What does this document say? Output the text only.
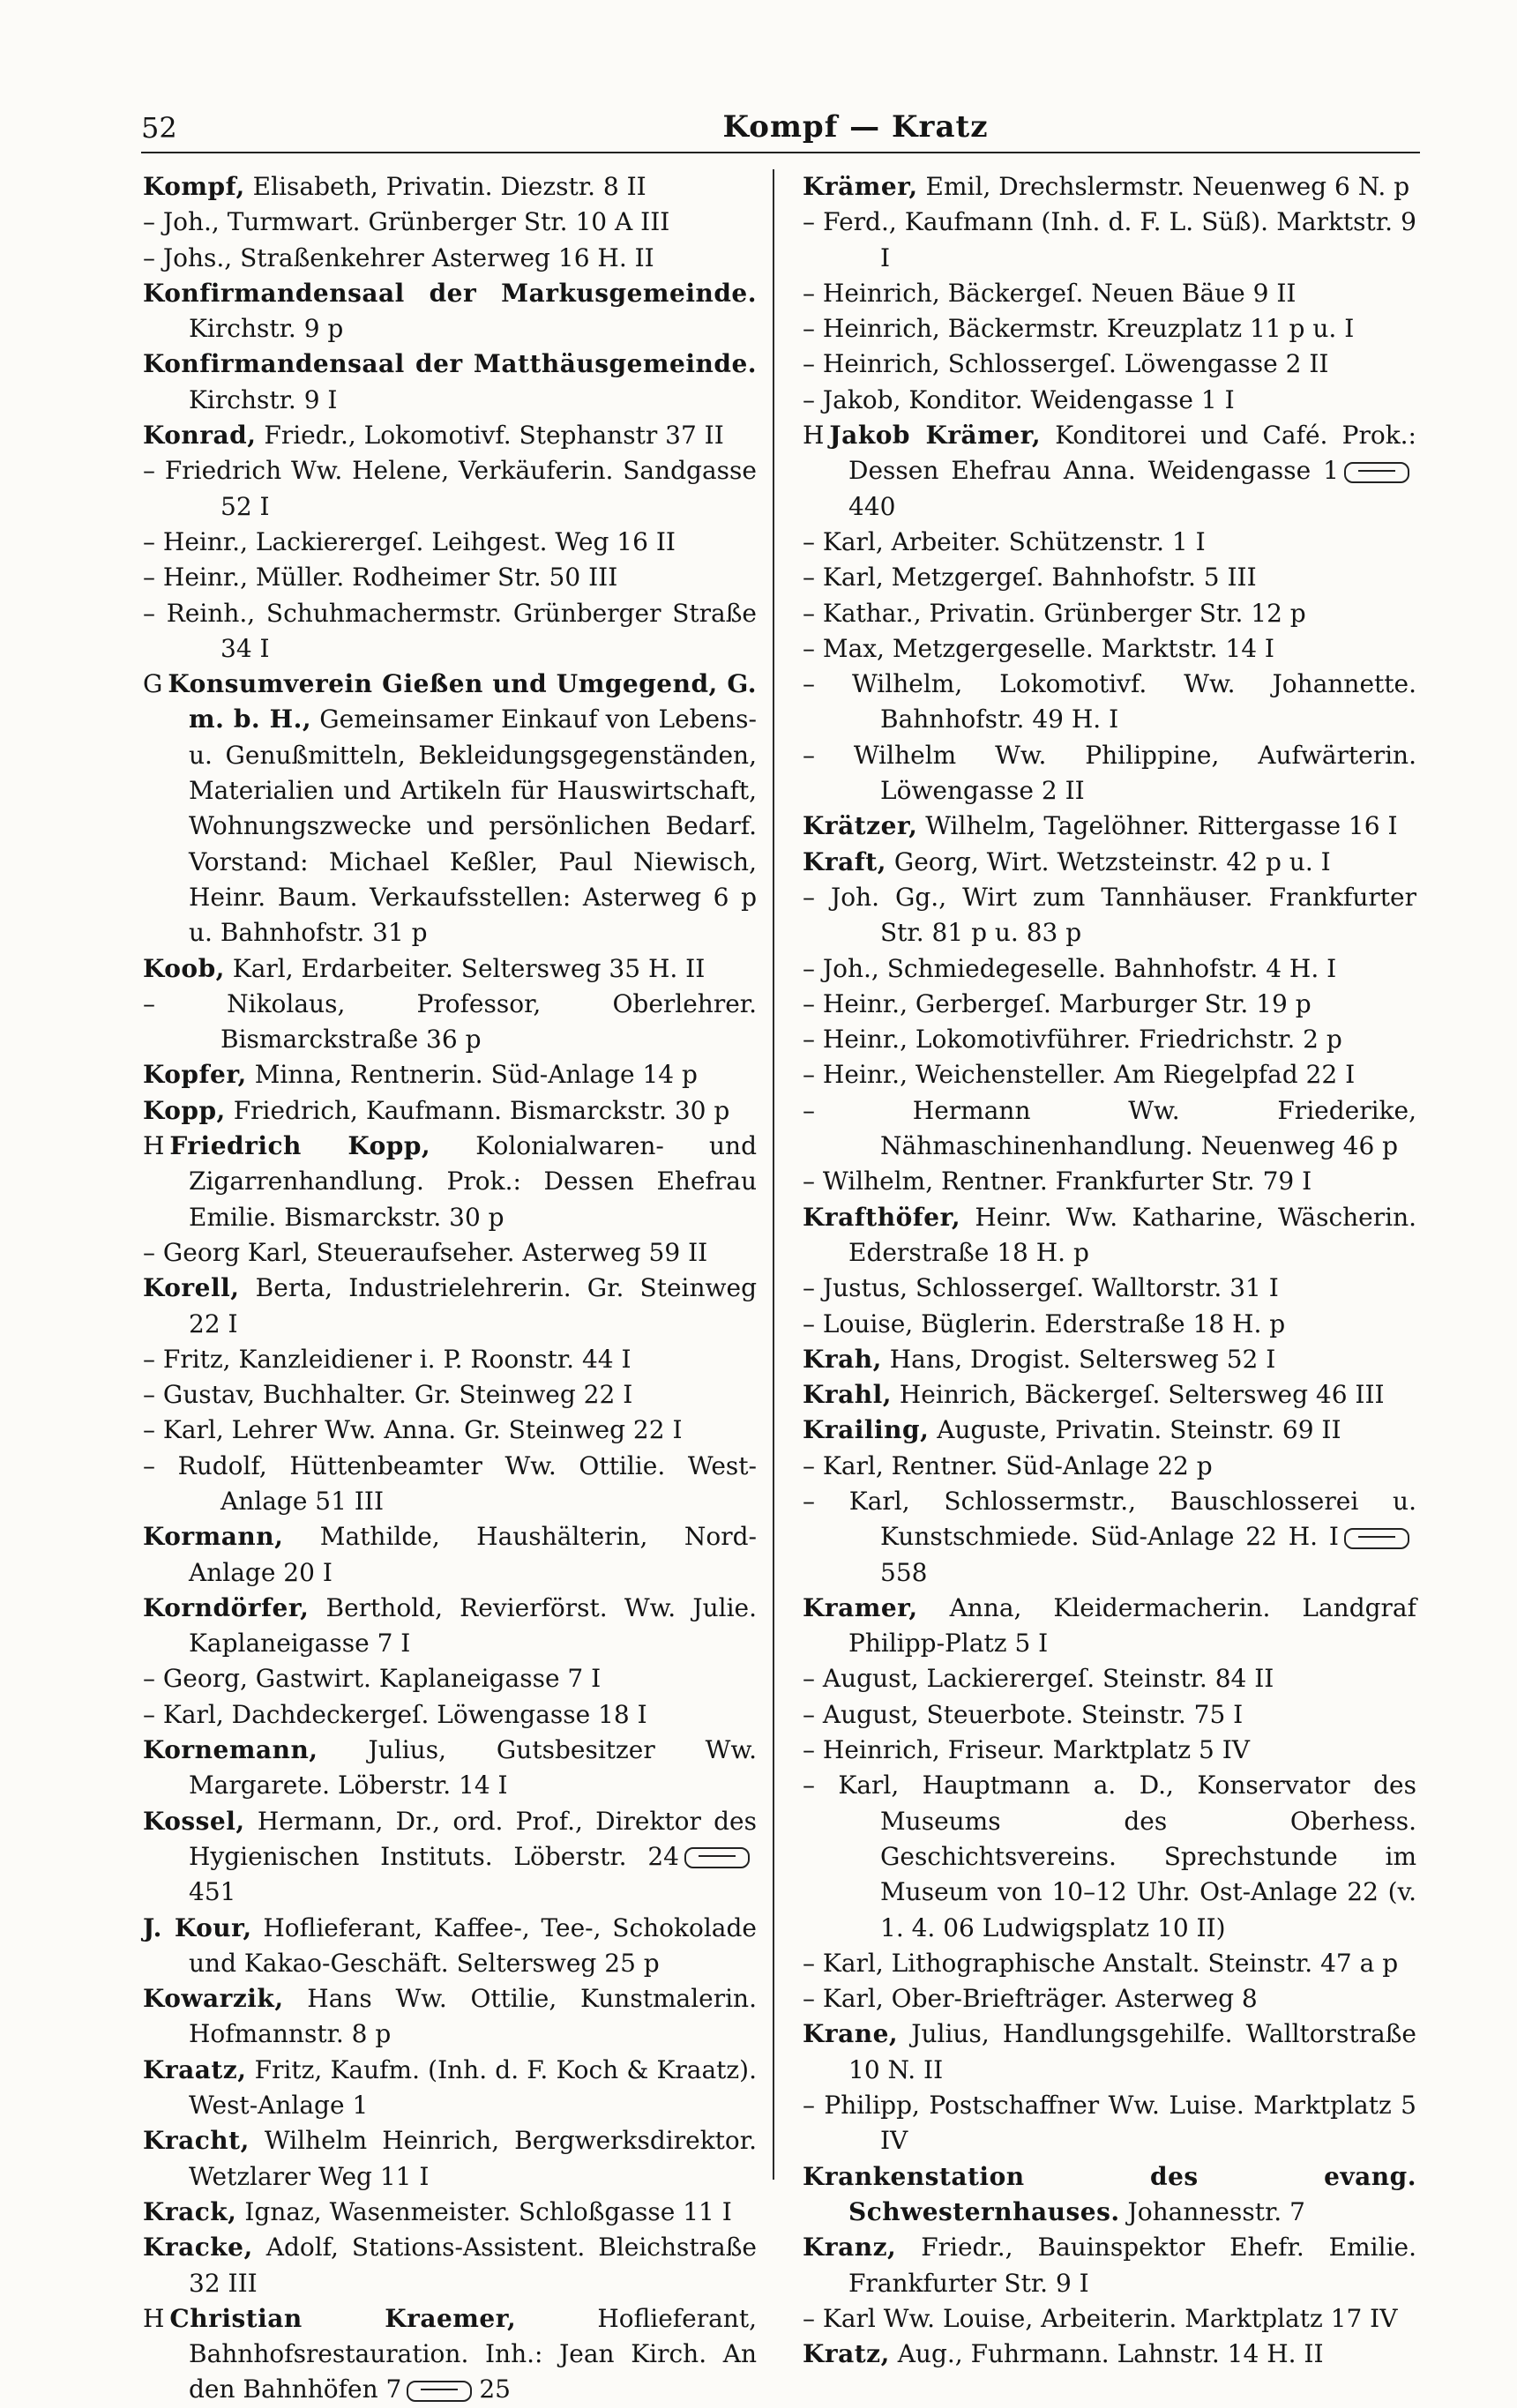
52	Kompf — Kratz

Kompf, Elisabeth, Privatin. Diezstr. 8 II

– Joh., Turmwart. Grünberger Str. 10 A III

– Johs., Straßenkehrer Asterweg 16 H. II

Konfirmandensaal der Markusgemeinde. Kirchstr. 9 p

Konfirmandensaal der Matthäusgemeinde. Kirchstr. 9 I

Konrad, Friedr., Lokomotivf. Stephanstr 37 II

– Friedrich Ww. Helene, Verkäuferin. Sandgasse 52 I

– Heinr., Lackierergeſ. Leihgest. Weg 16 II

– Heinr., Müller. Rodheimer Str. 50 III

– Reinh., Schuhmachermstr. Grünberger Straße 34 I

G Konsumverein Gießen und Umgegend, G. m. b. H., Gemeinsamer Einkauf von Lebens- u. Genußmitteln, Bekleidungsgegenständen, Materialien und Artikeln für Hauswirtschaft, Wohnungszwecke und persönlichen Bedarf. Vorstand: Michael Keßler, Paul Niewisch, Heinr. Baum. Verkaufsstellen: Asterweg 6 p u. Bahnhofstr. 31 p

Koob, Karl, Erdarbeiter. Seltersweg 35 H. II

– Nikolaus, Professor, Oberlehrer. Bismarckstraße 36 p

Kopfer, Minna, Rentnerin. Süd-Anlage 14 p

Kopp, Friedrich, Kaufmann. Bismarckstr. 30 p

H Friedrich Kopp, Kolonialwaren- und Zigarrenhandlung. Prok.: Dessen Ehefrau Emilie. Bismarckstr. 30 p

– Georg Karl, Steueraufseher. Asterweg 59 II

Korell, Berta, Industrielehrerin. Gr. Steinweg 22 I

– Fritz, Kanzleidiener i. P. Roonstr. 44 I

– Gustav, Buchhalter. Gr. Steinweg 22 I

– Karl, Lehrer Ww. Anna. Gr. Steinweg 22 I

– Rudolf, Hüttenbeamter Ww. Ottilie. West-Anlage 51 III

Kormann, Mathilde, Haushälterin, Nord-Anlage 20 I

Korndörfer, Berthold, Revierförst. Ww. Julie. Kaplaneigasse 7 I

– Georg, Gastwirt. Kaplaneigasse 7 I

– Karl, Dachdeckergeſ. Löwengasse 18 I

Kornemann, Julius, Gutsbesitzer Ww. Margarete. Löberstr. 14 I

Kossel, Hermann, Dr., ord. Prof., Direktor des Hygienischen Instituts. Löberstr. 24451

J. Kour, Hoflieferant, Kaffee-, Tee-, Schokolade und Kakao-Geschäft. Seltersweg 25 p

Kowarzik, Hans Ww. Ottilie, Kunstmalerin. Hofmannstr. 8 p

Kraatz, Fritz, Kaufm. (Inh. d. F. Koch & Kraatz). West-Anlage 1

Kracht, Wilhelm Heinrich, Bergwerksdirektor. Wetzlarer Weg 11 I

Krack, Ignaz, Wasenmeister. Schloßgasse 11 I

Kracke, Adolf, Stations-Assistent. Bleichstraße 32 III

H Christian Kraemer, Hoflieferant, Bahnhofsrestauration. Inh.: Jean Kirch. An den Bahnhöfen 7	25

Krämer, Emil, Drechslermstr. Neuenweg 6 N. p

– Ferd., Kaufmann (Inh. d. F. L. Süß). Marktstr. 9 I

– Heinrich, Bäckergeſ. Neuen Bäue 9 II

– Heinrich, Bäckermstr. Kreuzplatz 11 p u. I

– Heinrich, Schlossergeſ. Löwengasse 2 II

– Jakob, Konditor. Weidengasse 1 I

H Jakob Krämer, Konditorei und Café. Prok.: Dessen Ehefrau Anna. Weidengasse 1440

– Karl, Arbeiter. Schützenstr. 1 I

– Karl, Metzgergeſ. Bahnhofstr. 5 III

– Kathar., Privatin. Grünberger Str. 12 p

– Max, Metzgergeselle. Marktstr. 14 I

– Wilhelm, Lokomotivf. Ww. Johannette. Bahnhofstr. 49 H. I

– Wilhelm Ww. Philippine, Aufwärterin. Löwengasse 2 II

Krätzer, Wilhelm, Tagelöhner. Rittergasse 16 I

Kraft, Georg, Wirt. Wetzsteinstr. 42 p u. I

– Joh. Gg., Wirt zum Tannhäuser. Frankfurter Str. 81 p u. 83 p

– Joh., Schmiedegeselle. Bahnhofstr. 4 H. I

– Heinr., Gerbergeſ. Marburger Str. 19 p

– Heinr., Lokomotivführer. Friedrichstr. 2 p

– Heinr., Weichensteller. Am Riegelpfad 22 I

– Hermann Ww. Friederike, Nähmaschinenhandlung. Neuenweg 46 p

– Wilhelm, Rentner. Frankfurter Str. 79 I

Krafthöfer, Heinr. Ww. Katharine, Wäscherin. Ederstraße 18 H. p

– Justus, Schlossergeſ. Walltorstr. 31 I

– Louise, Büglerin. Ederstraße 18 H. p

Krah, Hans, Drogist. Seltersweg 52 I

Krahl, Heinrich, Bäckergeſ. Seltersweg 46 III

Krailing, Auguste, Privatin. Steinstr. 69 II

– Karl, Rentner. Süd-Anlage 22 p

– Karl, Schlossermstr., Bauschlosserei u. Kunstschmiede. Süd-Anlage 22 H. I558

Kramer, Anna, Kleidermacherin. Landgraf Philipp-Platz 5 I

– August, Lackierergeſ. Steinstr. 84 II

– August, Steuerbote. Steinstr. 75 I

– Heinrich, Friseur. Marktplatz 5 IV

– Karl, Hauptmann a. D., Konservator des Museums des Oberhess. Geschichtsvereins. Sprechstunde im Museum von 10–12 Uhr. Ost-Anlage 22 (v. 1. 4. 06 Ludwigsplatz 10 II)

– Karl, Lithographische Anstalt. Steinstr. 47 a p

– Karl, Ober-Briefträger. Asterweg 8

Krane, Julius, Handlungsgehilfe. Walltorstraße 10 N. II

– Philipp, Postschaffner Ww. Luise. Marktplatz 5 IV

Krankenstation des evang. Schwesternhauses. Johannesstr. 7

Kranz, Friedr., Bauinspektor Ehefr. Emilie. Frankfurter Str. 9 I

– Karl Ww. Louise, Arbeiterin. Marktplatz 17 IV

Kratz, Aug., Fuhrmann. Lahnstr. 14 H. II
